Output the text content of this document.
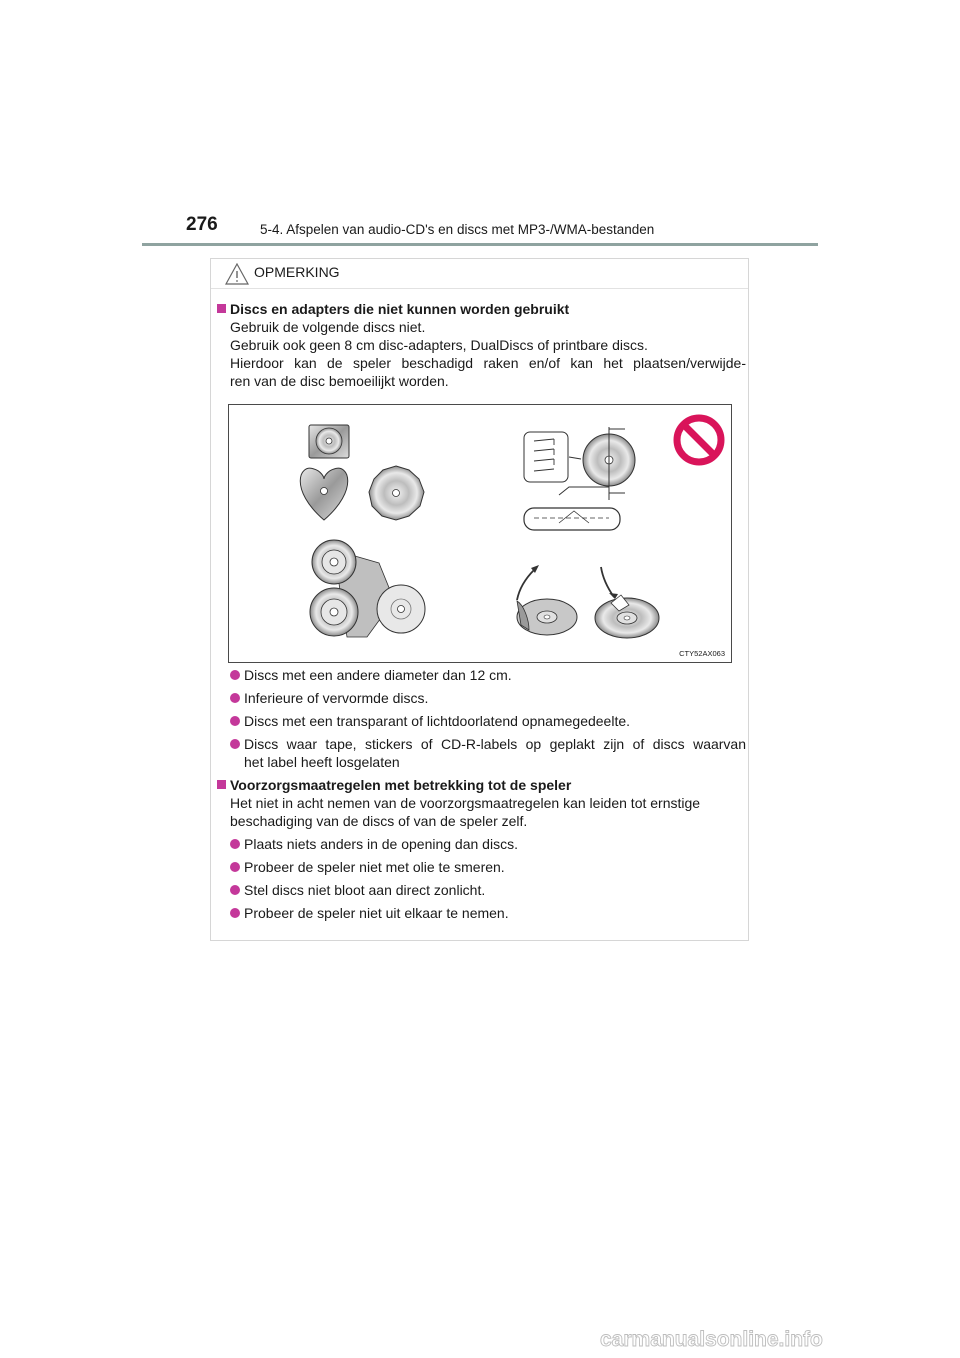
276	5-4. Afspelen van audio-CD's en discs met MP3-/WMA-bestanden
OPMERKING
Discs en adapters die niet kunnen worden gebruikt
Gebruik de volgende discs niet.
Gebruik ook geen 8 cm disc-adapters, DualDiscs of printbare discs.
Hierdoor kan de speler beschadigd raken en/of kan het plaatsen/verwijde-
ren van de disc bemoeilijkt worden.
CTY52AX063
Discs met een andere diameter dan 12 cm.
Inferieure of vervormde discs.
Discs met een transparant of lichtdoorlatend opnamegedeelte.
Discs waar tape, stickers of CD-R-labels op geplakt zijn of discs waarvan
het label heeft losgelaten
Voorzorgsmaatregelen met betrekking tot de speler
Het niet in acht nemen van de voorzorgsmaatregelen kan leiden tot ernstige
beschadiging van de discs of van de speler zelf.
Plaats niets anders in de opening dan discs.
Probeer de speler niet met olie te smeren.
Stel discs niet bloot aan direct zonlicht.
Probeer de speler niet uit elkaar te nemen.
carmanualsonline.info
